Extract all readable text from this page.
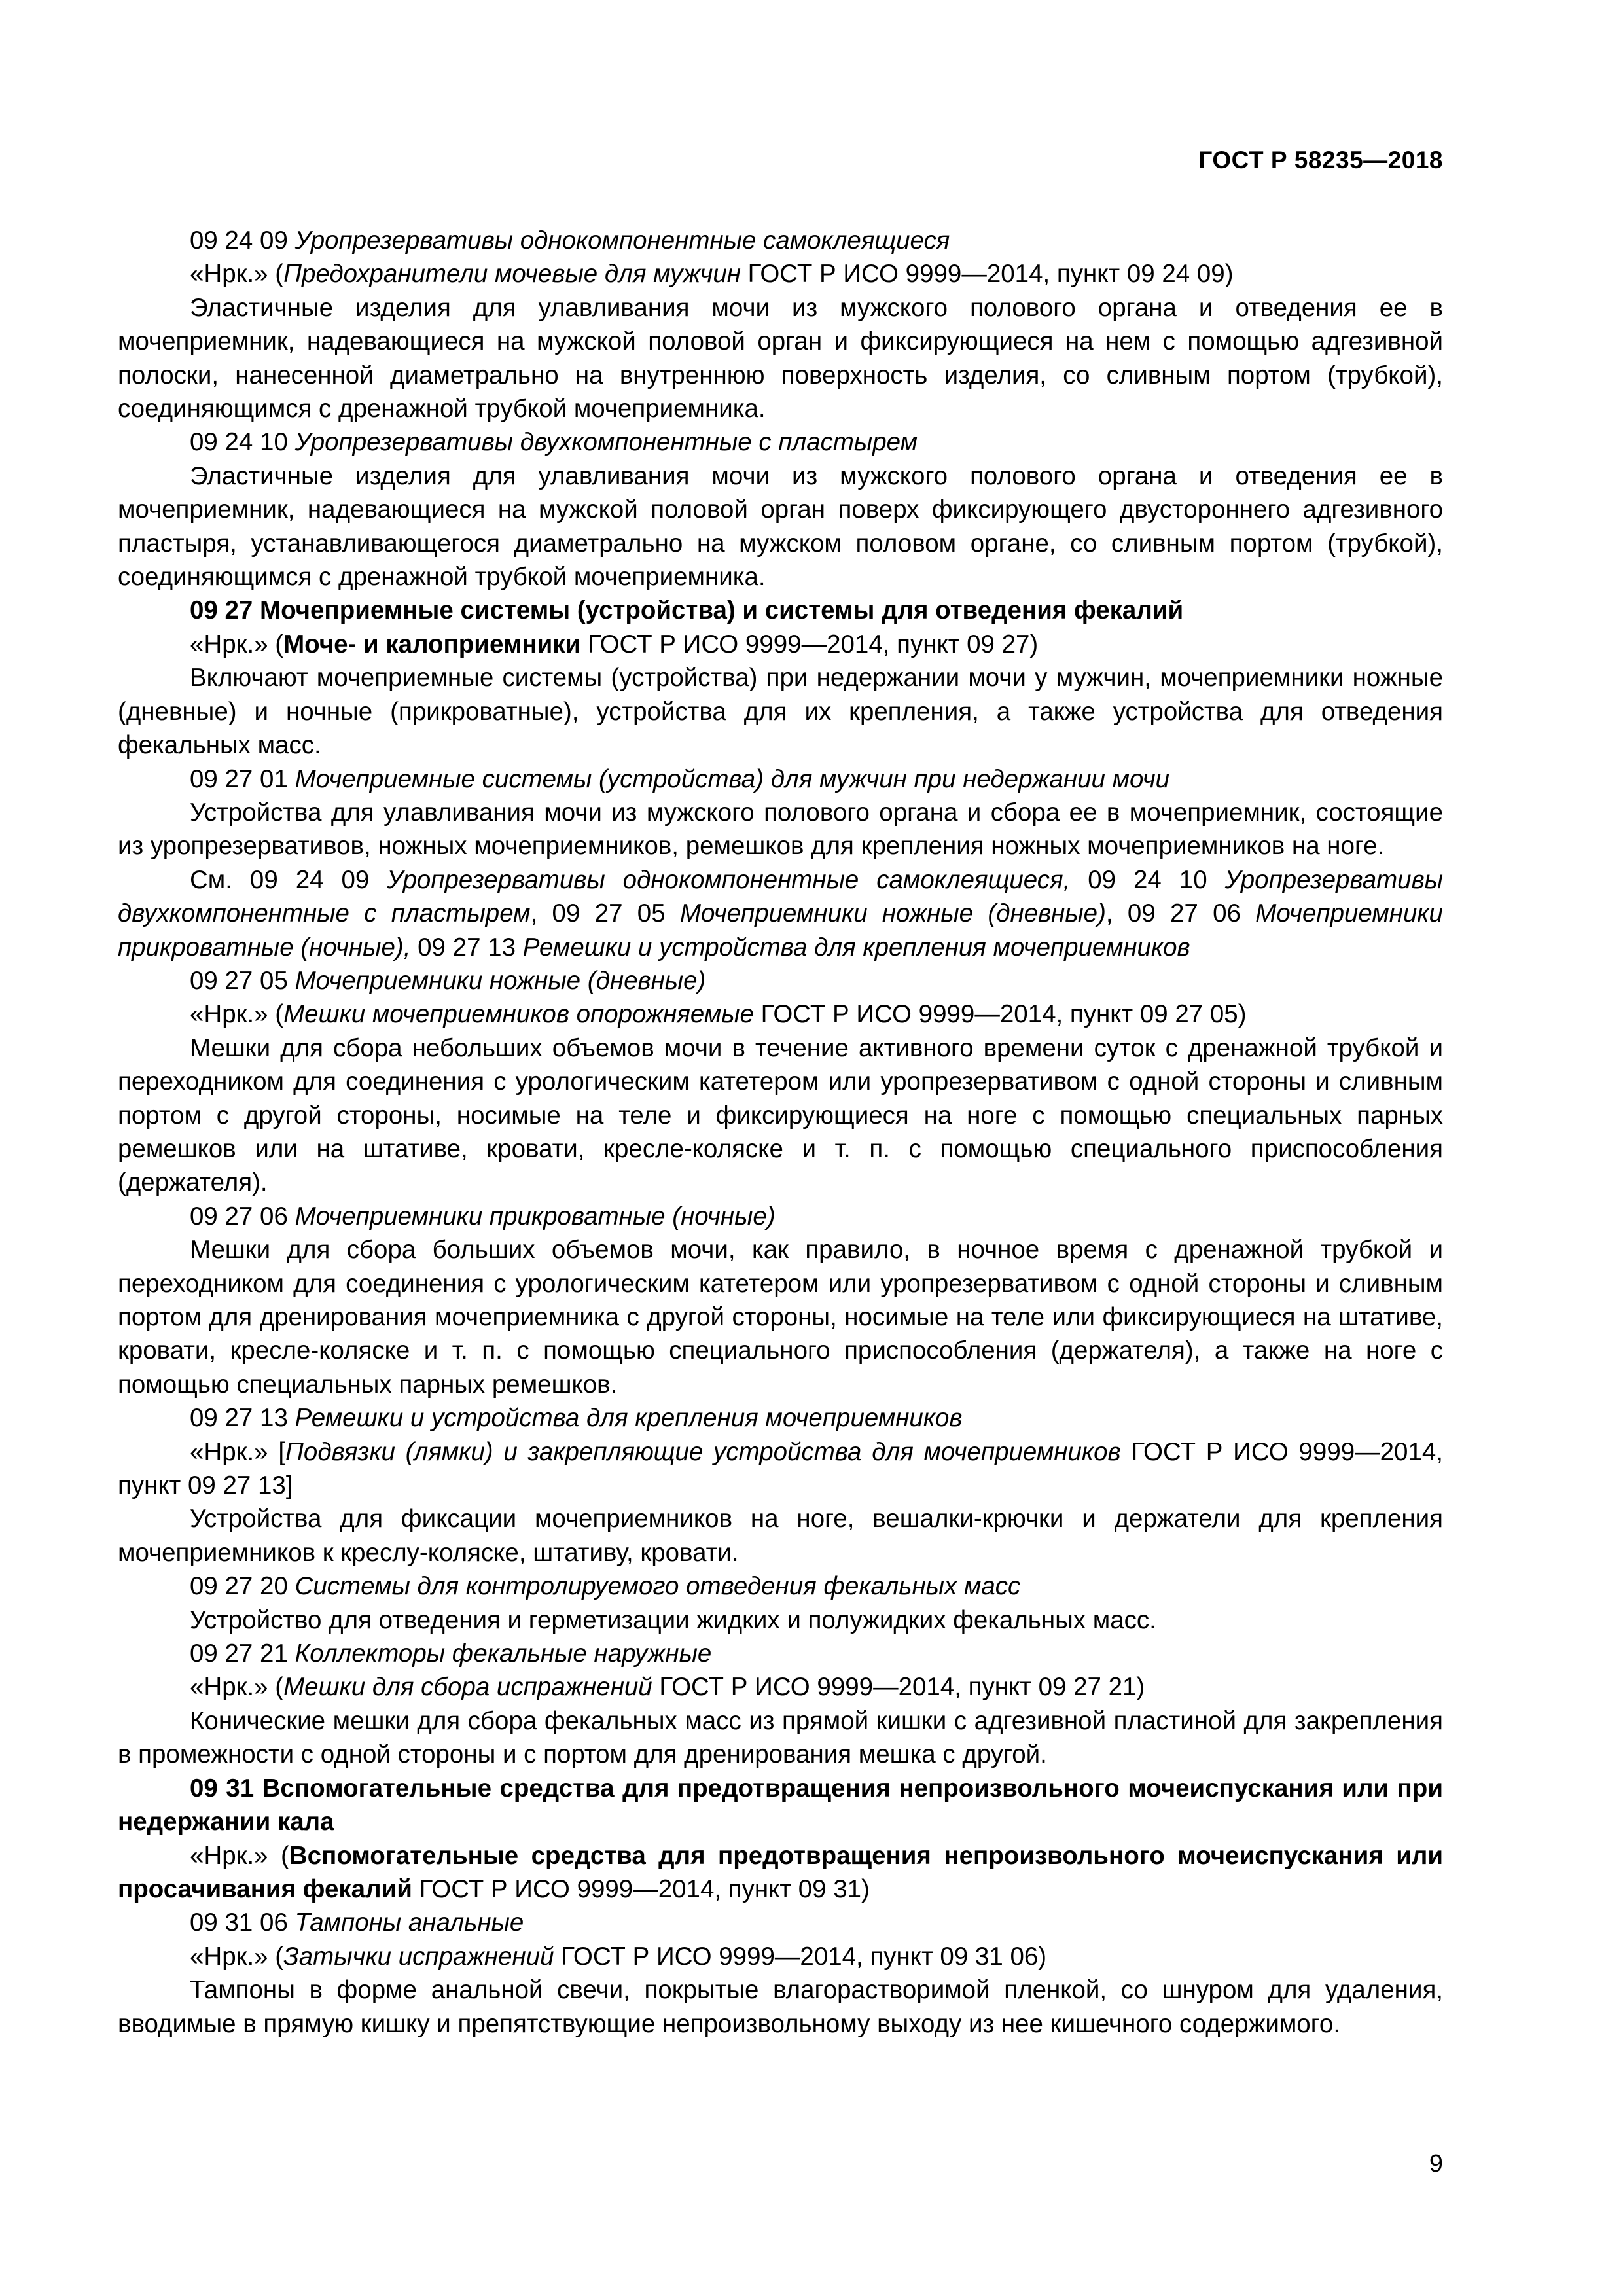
ГОСТ Р 58235—2018

09 24 09 Уропрезервативы однокомпонентные самоклеящиеся

«Нрк.» (Предохранители мочевые для мужчин ГОСТ Р ИСО 9999—2014, пункт 09 24 09)

Эластичные изделия для улавливания мочи из мужского полового органа и отведения ее в мочеприемник, надевающиеся на мужской половой орган и фиксирующиеся на нем с помощью адгезивной полоски, нанесенной диаметрально на внутреннюю поверхность изделия, со сливным портом (трубкой), соединяющимся с дренажной трубкой мочеприемника.

09 24 10 Уропрезервативы двухкомпонентные с пластырем

Эластичные изделия для улавливания мочи из мужского полового органа и отведения ее в мочеприемник, надевающиеся на мужской половой орган поверх фиксирующего двустороннего адгезивного пластыря, устанавливающегося диаметрально на мужском половом органе, со сливным портом (трубкой), соединяющимся с дренажной трубкой мочеприемника.

09 27 Мочеприемные системы (устройства) и системы для отведения фекалий

«Нрк.» (Моче- и калоприемники ГОСТ Р ИСО 9999—2014, пункт 09 27)

Включают мочеприемные системы (устройства) при недержании мочи у мужчин, мочеприемники ножные (дневные) и ночные (прикроватные), устройства для их крепления, а также устройства для отведения фекальных масс.

09 27 01 Мочеприемные системы (устройства) для мужчин при недержании мочи

Устройства для улавливания мочи из мужского полового органа и сбора ее в мочеприемник, состоящие из уропрезервативов, ножных мочеприемников, ремешков для крепления ножных мочеприемников на ноге.

См. 09 24 09 Уропрезервативы однокомпонентные самоклеящиеся, 09 24 10 Уропрезервативы двухкомпонентные с пластырем, 09 27 05 Мочеприемники ножные (дневные), 09 27 06 Мочеприемники прикроватные (ночные), 09 27 13 Ремешки и устройства для крепления мочеприемников

09 27 05 Мочеприемники ножные (дневные)

«Нрк.» (Мешки мочеприемников опорожняемые ГОСТ Р ИСО 9999—2014, пункт 09 27 05)

Мешки для сбора небольших объемов мочи в течение активного времени суток с дренажной трубкой и переходником для соединения с урологическим катетером или уропрезервативом с одной стороны и сливным портом с другой стороны, носимые на теле и фиксирующиеся на ноге с помощью специальных парных ремешков или на штативе, кровати, кресле-коляске и т. п. с помощью специального приспособления (держателя).

09 27 06 Мочеприемники прикроватные (ночные)

Мешки для сбора больших объемов мочи, как правило, в ночное время с дренажной трубкой и переходником для соединения с урологическим катетером или уропрезервативом с одной стороны и сливным портом для дренирования мочеприемника с другой стороны, носимые на теле или фиксирующиеся на штативе, кровати, кресле-коляске и т. п. с помощью специального приспособления (держателя), а также на ноге с помощью специальных парных ремешков.

09 27 13 Ремешки и устройства для крепления мочеприемников

«Нрк.» [Подвязки (лямки) и закрепляющие устройства для мочеприемников ГОСТ Р ИСО 9999—2014, пункт 09 27 13]

Устройства для фиксации мочеприемников на ноге, вешалки-крючки и держатели для крепления мочеприемников к креслу-коляске, штативу, кровати.

09 27 20 Системы для контролируемого отведения фекальных масс

Устройство для отведения и герметизации жидких и полужидких фекальных масс.

09 27 21 Коллекторы фекальные наружные

«Нрк.» (Мешки для сбора испражнений ГОСТ Р ИСО 9999—2014, пункт 09 27 21)

Конические мешки для сбора фекальных масс из прямой кишки с адгезивной пластиной для закрепления в промежности с одной стороны и с портом для дренирования мешка с другой.

09 31 Вспомогательные средства для предотвращения непроизвольного мочеиспускания или при недержании кала

«Нрк.» (Вспомогательные средства для предотвращения непроизвольного мочеиспускания или просачивания фекалий ГОСТ Р ИСО 9999—2014, пункт 09 31)

09 31 06 Тампоны анальные

«Нрк.» (Затычки испражнений ГОСТ Р ИСО 9999—2014, пункт 09 31 06)

Тампоны в форме анальной свечи, покрытые влагорастворимой пленкой, со шнуром для удаления, вводимые в прямую кишку и препятствующие непроизвольному выходу из нее кишечного содержимого.

9
